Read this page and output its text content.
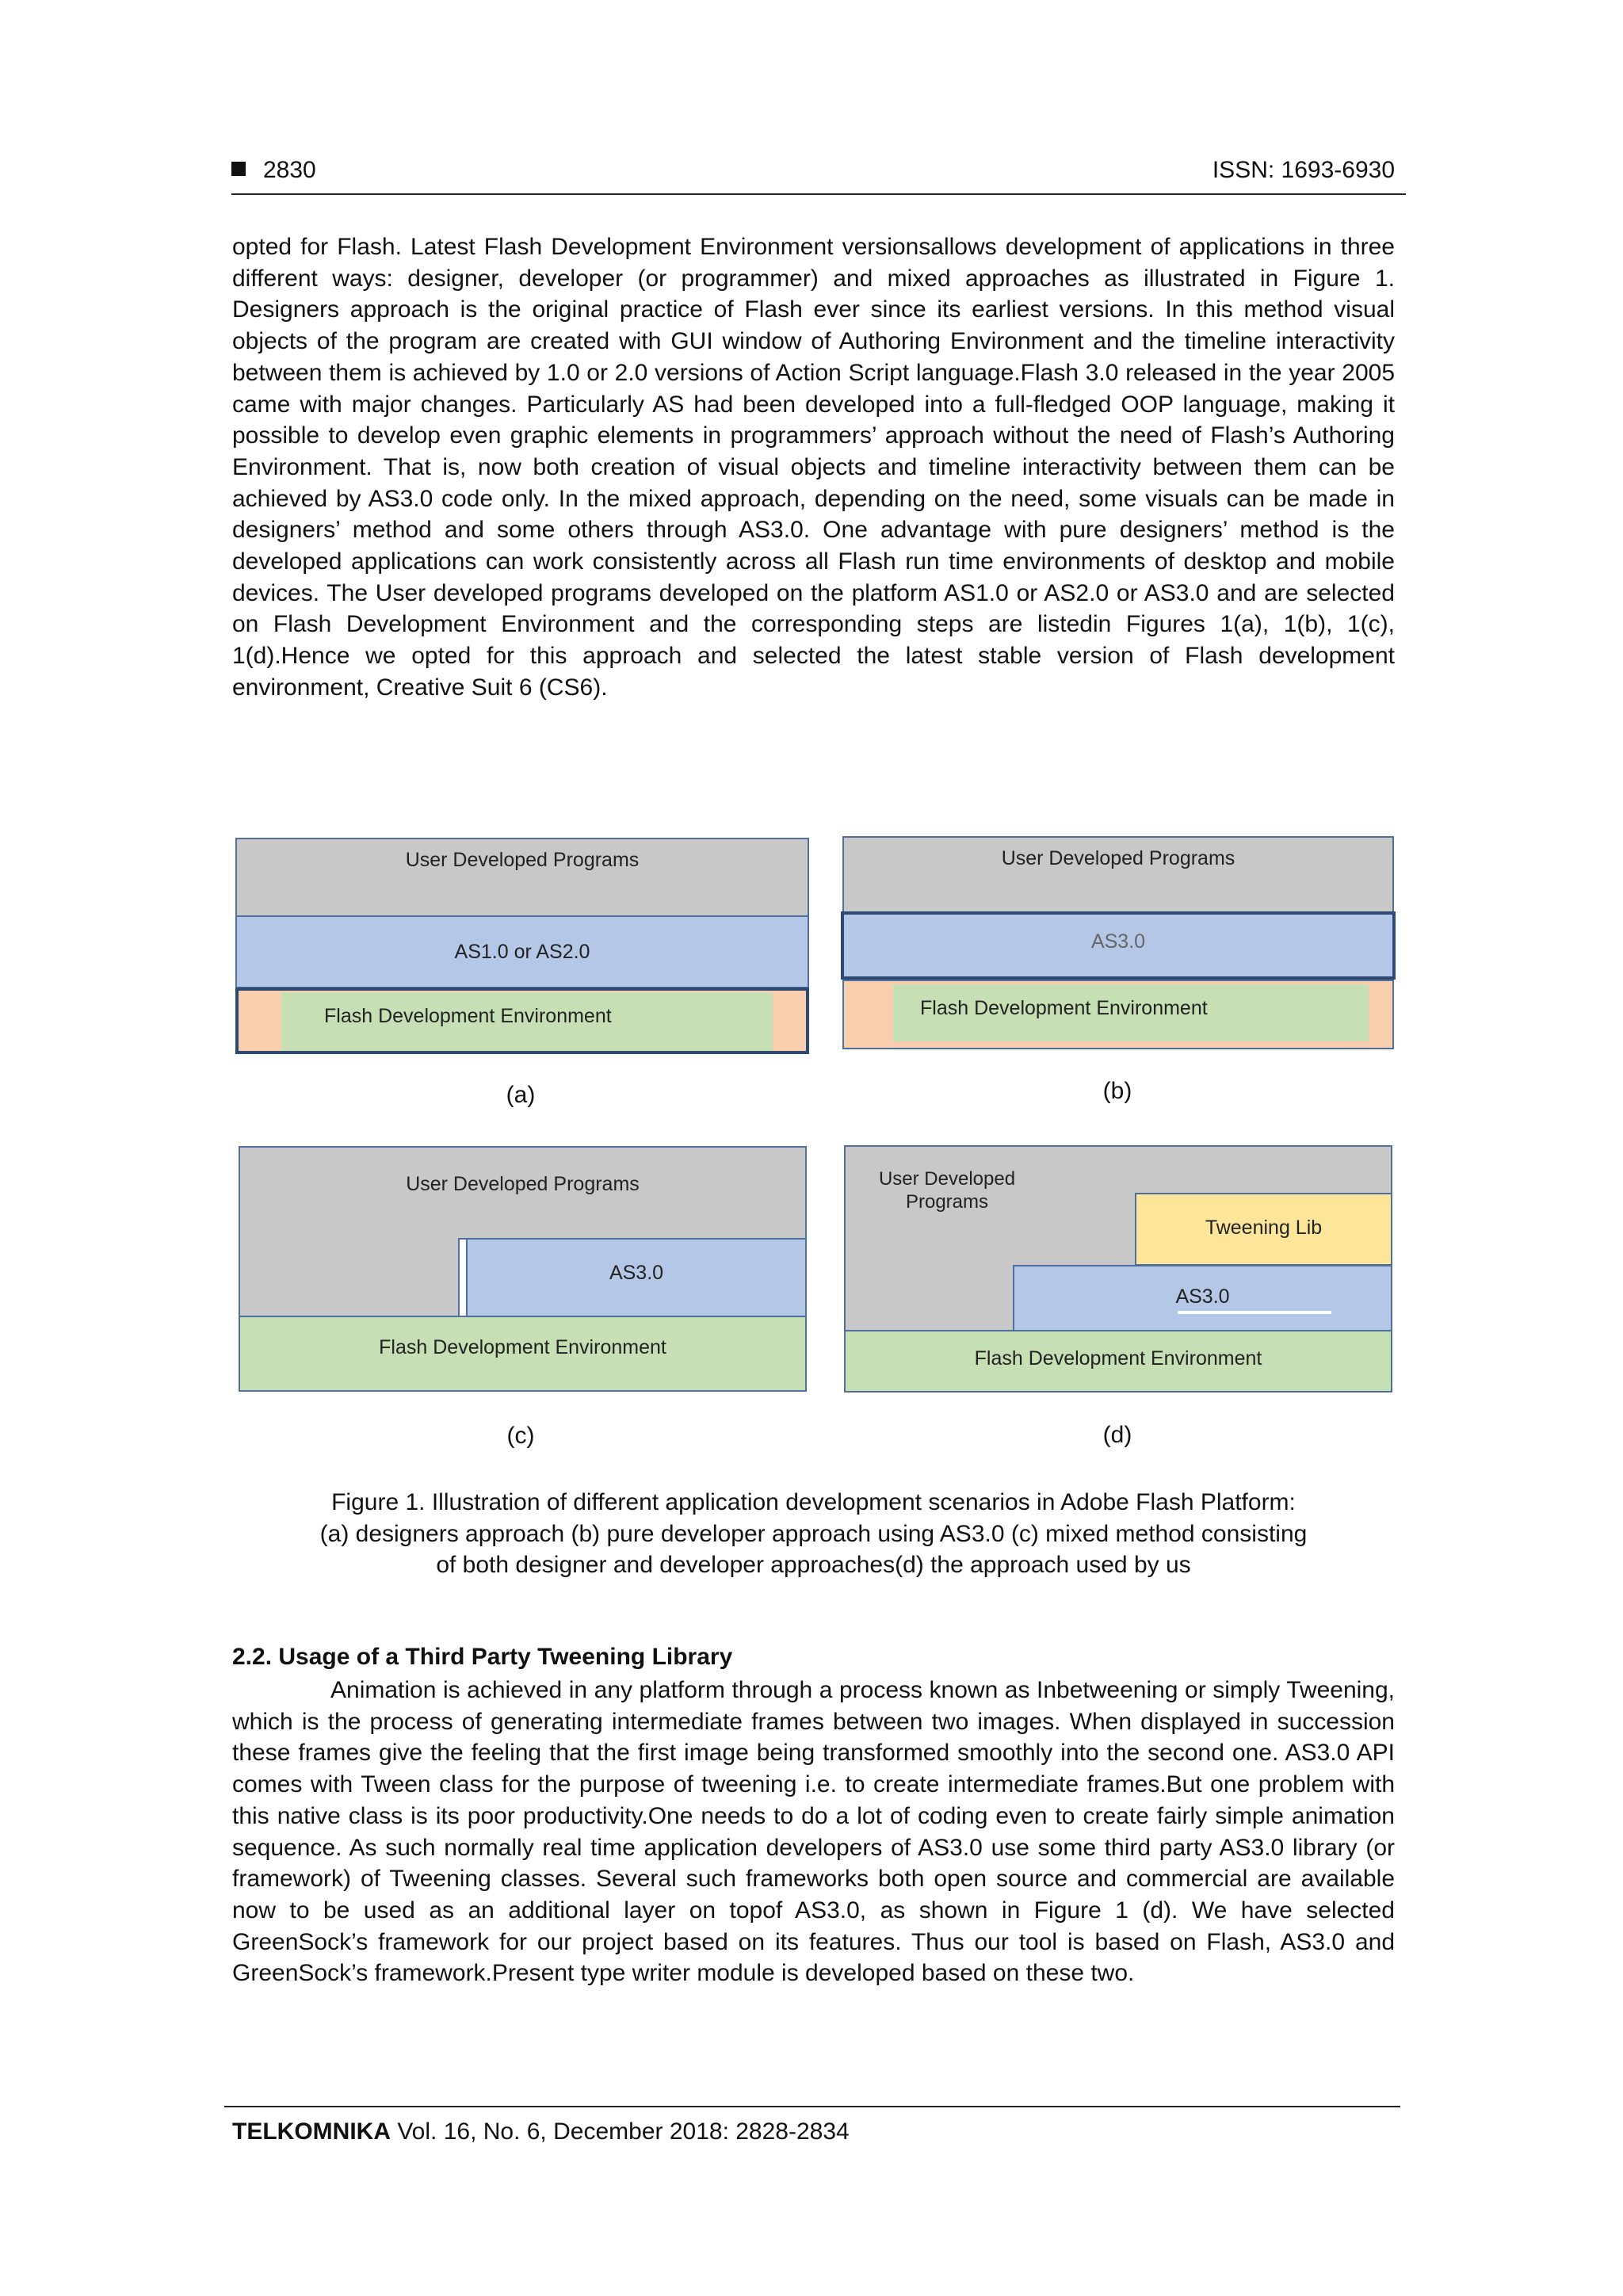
2830	ISSN: 1693-6930
opted for Flash. Latest Flash Development Environment versionsallows development of applications in three different ways: designer, developer (or programmer) and mixed approaches as illustrated in Figure 1. Designers approach is the original practice of Flash ever since its earliest versions. In this method visual objects of the program are created with GUI window of Authoring Environment and the timeline interactivity between them is achieved by 1.0 or 2.0 versions of Action Script language.Flash 3.0 released in the year 2005 came with major changes. Particularly AS had been developed into a full-fledged OOP language, making it possible to develop even graphic elements in programmers’ approach without the need of Flash’s Authoring Environment. That is, now both creation of visual objects and timeline interactivity between them can be achieved by AS3.0 code only. In the mixed approach, depending on the need, some visuals can be made in designers’ method and some others through AS3.0. One advantage with pure designers’ method is the developed applications can work consistently across all Flash run time environments of desktop and mobile devices. The User developed programs developed on the platform AS1.0 or AS2.0 or AS3.0 and are selected on Flash Development Environment and the corresponding steps are listedin Figures 1(a), 1(b), 1(c), 1(d).Hence we opted for this approach and selected the latest stable version of Flash development environment, Creative Suit 6 (CS6).
User Developed Programs
AS1.0 or AS2.0
Flash Development Environment
(a)
User Developed Programs
AS3.0
Flash Development Environment
(b)
User Developed Programs
AS3.0
Flash Development Environment
(c)
User Developed
Programs
Tweening Lib
AS3.0
Flash Development Environment
(d)
Figure 1. Illustration of different application development scenarios in Adobe Flash Platform:
(a) designers approach (b) pure developer approach using AS3.0 (c) mixed method consisting
of both designer and developer approaches(d) the approach used by us
2.2. Usage of a Third Party Tweening Library
Animation is achieved in any platform through a process known as Inbetweening or simply Tweening, which is the process of generating intermediate frames between two images. When displayed in succession these frames give the feeling that the first image being transformed smoothly into the second one. AS3.0 API comes with Tween class for the purpose of tweening i.e. to create intermediate frames.But one problem with this native class is its poor productivity.One needs to do a lot of coding even to create fairly simple animation sequence. As such normally real time application developers of AS3.0 use some third party AS3.0 library (or framework) of Tweening classes. Several such frameworks both open source and commercial are available now to be used as an additional layer on topof AS3.0, as shown in Figure 1 (d). We have selected GreenSock’s framework for our project based on its features. Thus our tool is based on Flash, AS3.0 and GreenSock’s framework.Present type writer module is developed based on these two.
TELKOMNIKA Vol. 16, No. 6, December 2018: 2828-2834
